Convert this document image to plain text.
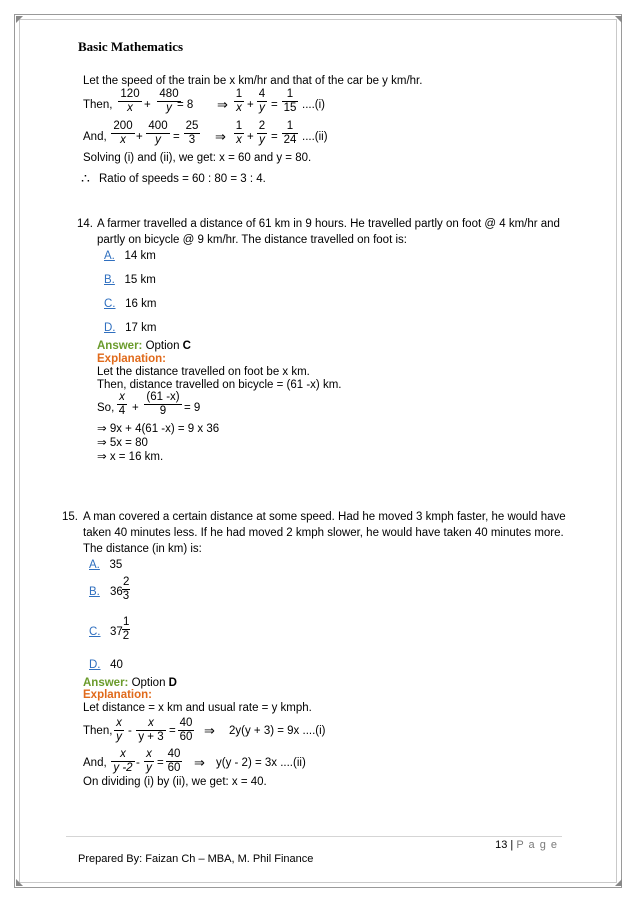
Basic Mathematics
Let the speed of the train be x km/hr and that of the car be y km/hr.
Then, $\frac{120}{x} + \frac{480}{y}$
= 8 ⇒ $\frac{1}{x} + \frac{4}{y} = \frac{1}{15} ....(i)$
And, $\frac{200}{x} + \frac{400}{y} = \frac{25}{3}$ ⇒ $\frac{1}{x} + \frac{2}{y} = \frac{1}{24} ....(ii)$
Solving (i) and (ii), we get: x = 60 and y = 80.
∴ Ratio of speeds = 60 : 80 = 3 : 4.
14. A farmer travelled a distance of 61 km in 9 hours. He travelled partly on foot @ 4 km/hr and
partly on bicycle @ 9 km/hr. The distance travelled on foot is:
A. 14 km
B. 15 km
C. 16 km
D. 17 km
Answer: Option C
Explanation:
Let the distance travelled on foot be x km.
Then, distance travelled on bicycle = (61 -x) km.
So, $\frac{x}{4} + \frac{(61 -x)}{9} = 9$
⇒ 9x + 4(61 -x) = 9 x 36
⇒ 5x = 80
⇒ x = 16 km.
15. A man covered a certain distance at some speed. Had he moved 3 kmph faster, he would have
taken 40 minutes less. If he had moved 2 kmph slower, he would have taken 40 minutes more.
The distance (in km) is:
A. 35
B. $36 \frac{2}{3}$
C. $37 \frac{1}{2}$
D. 40
Answer: Option D
Explanation:
Let distance = x km and usual rate = y kmph.
Then, $\frac{x}{y} - \frac{x}{y + 3} = \frac{40}{60}$ ⇒ 2y(y + 3) = 9x ....(i)
And, $\frac{x}{y -2} - \frac{x}{y} = \frac{40}{60}$ ⇒ y(y - 2) = 3x ....(ii)
On dividing (i) by (ii), we get: x = 40.
13 | P a g e
Prepared By: Faizan Ch – MBA, M. Phil Finance
